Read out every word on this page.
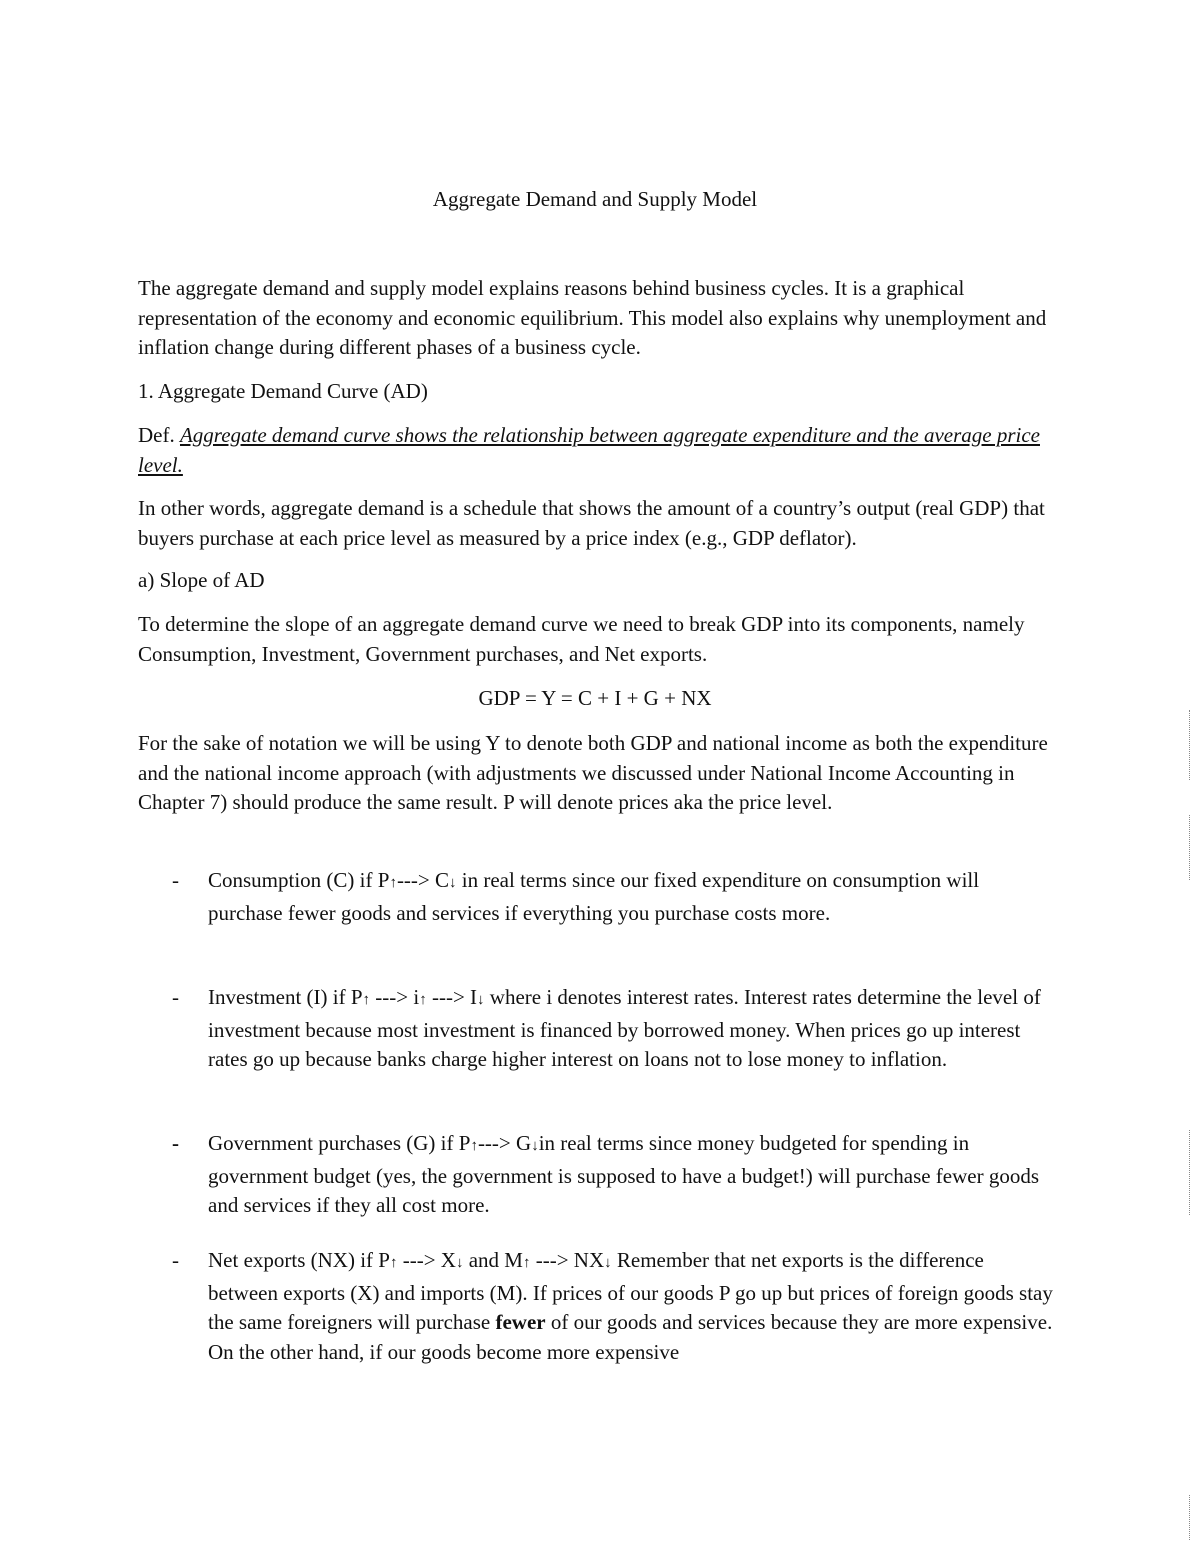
Aggregate Demand and Supply Model

The aggregate demand and supply model explains reasons behind business cycles. It is a graphical representation of the economy and economic equilibrium. This model also explains why unemployment and inflation change during different phases of a business cycle.

1. Aggregate Demand Curve (AD)

Def. Aggregate demand curve shows the relationship between aggregate expenditure and the average price level.

In other words, aggregate demand is a schedule that shows the amount of a country’s output (real GDP) that buyers purchase at each price level as measured by a price index (e.g., GDP deflator).

a) Slope of AD

To determine the slope of an aggregate demand curve we need to break GDP into its components, namely Consumption, Investment, Government purchases, and Net exports.

GDP = Y = C + I + G + NX

For the sake of notation we will be using Y to denote both GDP and national income as both the expenditure and the national income approach (with adjustments we discussed under National Income Accounting in Chapter 7) should produce the same result. P will denote prices aka the price level.

- Consumption (C) if P↑---> C↓ in real terms since our fixed expenditure on consumption will purchase fewer goods and services if everything you purchase costs more.
- Investment (I) if P↑ ---> i↑ ---> I↓ where i denotes interest rates. Interest rates determine the level of investment because most investment is financed by borrowed money. When prices go up interest rates go up because banks charge higher interest on loans not to lose money to inflation.
- Government purchases (G) if P↑---> G↓in real terms since money budgeted for spending in government budget (yes, the government is supposed to have a budget!) will purchase fewer goods and services if they all cost more.
- Net exports (NX) if P↑ ---> X↓ and M↑ ---> NX↓ Remember that net exports is the difference between exports (X) and imports (M). If prices of our goods P go up but prices of foreign goods stay the same foreigners will purchase fewer of our goods and services because they are more expensive. On the other hand, if our goods become more expensive
